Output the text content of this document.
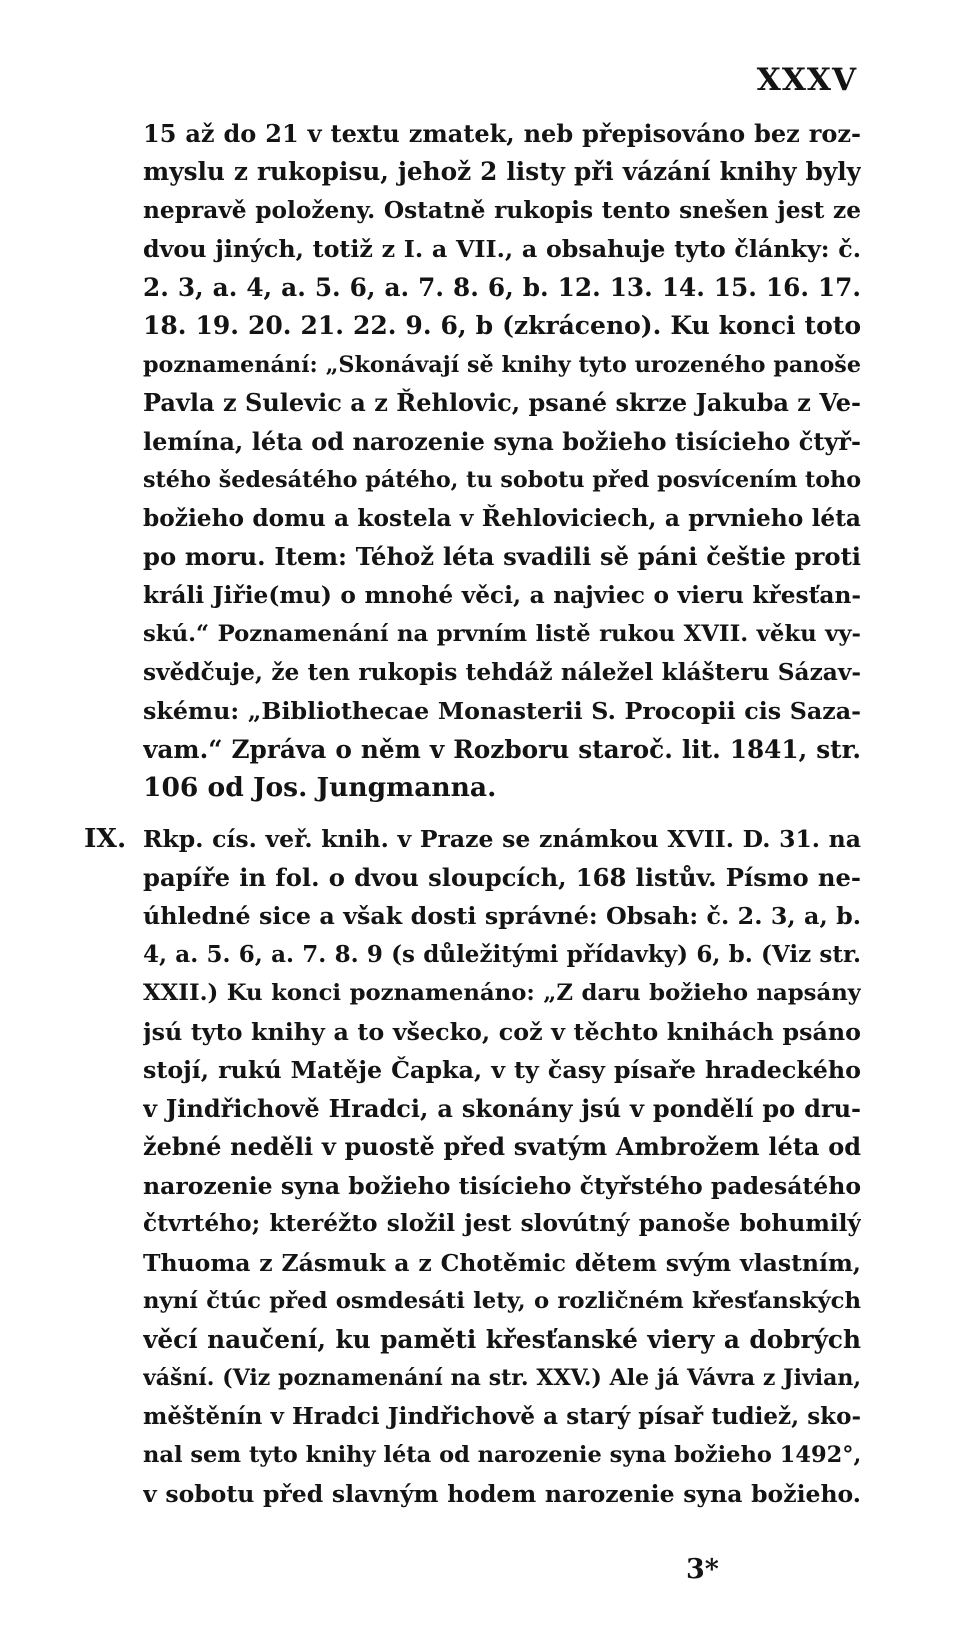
XXXV
15 až do 21 v textu zmatek, neb přepisováno bez roz-
myslu z rukopisu, jehož 2 listy při vázání knihy byly
nepravě položeny. Ostatně rukopis tento snešen jest ze
dvou jiných, totiž z I. a VII., a obsahuje tyto články: č.
2. 3, a. 4, a. 5. 6, a. 7. 8. 6, b. 12. 13. 14. 15. 16. 17.
18. 19. 20. 21. 22. 9. 6, b (zkráceno). Ku konci toto
poznamenání: „Skonávají sě knihy tyto urozeného panoše
Pavla z Sulevic a z Řehlovic, psané skrze Jakuba z Ve-
lemína, léta od narozenie syna božieho tisícieho čtyř-
stého šedesátého pátého, tu sobotu před posvícením toho
božieho domu a kostela v Řehloviciech, a prvnieho léta
po moru. Item: Téhož léta svadili sě páni češtie proti
králi Jiřie(mu) o mnohé věci, a najviec o vieru křesťan-
skú.“ Poznamenání na prvním listě rukou XVII. věku vy-
svědčuje, že ten rukopis tehdáž náležel klášteru Sázav-
skému: „Bibliothecae Monasterii S. Procopii cis Saza-
vam.“ Zpráva o něm v Rozboru staroč. lit. 1841, str.
106 od Jos. Jungmanna.
IX. Rkp. cís. veř. knih. v Praze se známkou XVII. D. 31. na
papíře in fol. o dvou sloupcích, 168 listův. Písmo ne-
úhledné sice a však dosti správné: Obsah: č. 2. 3, a, b.
4, a. 5. 6, a. 7. 8. 9 (s důležitými přídavky) 6, b. (Viz str.
XXII.) Ku konci poznamenáno: „Z daru božieho napsány
jsú tyto knihy a to všecko, což v těchto knihách psáno
stojí, rukú Matěje Čapka, v ty časy písaře hradeckého
v Jindřichově Hradci, a skonány jsú v pondělí po dru-
žebné neděli v puostě před svatým Ambrožem léta od
narozenie syna božieho tisícieho čtyřstého padesátého
čtvrtého; kteréžto složil jest slovútný panoše bohumilý
Thuoma z Zásmuk a z Chotěmic dětem svým vlastním,
nyní čtúc před osmdesáti lety, o rozličném křesťanských
věcí naučení, ku paměti křesťanské viery a dobrých
vášní. (Viz poznamenání na str. XXV.) Ale já Vávra z Jivian,
měštěnín v Hradci Jindřichově a starý písař tudiež, sko-
nal sem tyto knihy léta od narozenie syna božieho 1492°,
v sobotu před slavným hodem narozenie syna božieho.
3*
